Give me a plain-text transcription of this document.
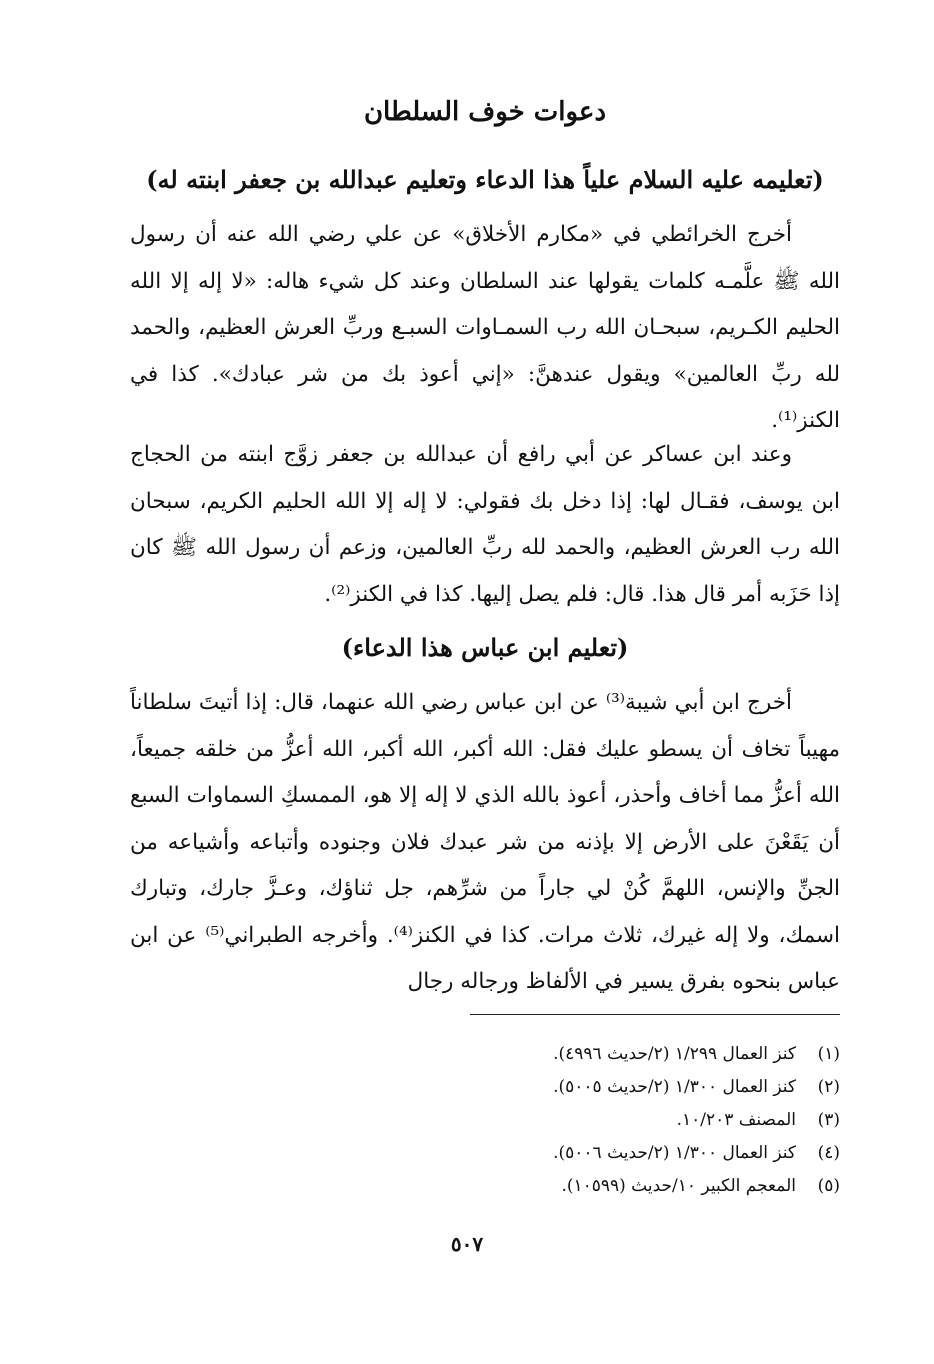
دعوات خوف السلطان
(تعليمه عليه السلام علياً هذا الدعاء وتعليم عبدالله بن جعفر ابنته له)

أخرج الخرائطي في «مكارم الأخلاق» عن علي رضي الله عنه أن رسول الله ﷺ علَّمـه كلمات يقولها عند السلطان وعند كل شيء هاله: «لا إله إلا الله الحليم الكـريم، سبحـان الله رب السمـاوات السبـع وربِّ العرش العظيم، والحمد لله ربِّ العالمين» ويقول عندهنَّ: «إني أعوذ بك من شر عبادك». كذا في الكنز⁽¹⁾.

وعند ابن عساكر عن أبي رافع أن عبدالله بن جعفر زوَّج ابنته من الحجاج ابن يوسف، فقـال لها: إذا دخل بك فقولي: لا إله إلا الله الحليم الكريم، سبحان الله رب العرش العظيم، والحمد لله ربِّ العالمين، وزعم أن رسول الله ﷺ كان إذا حَزَبه أمر قال هذا. قال: فلم يصل إليها. كذا في الكنز⁽²⁾.

(تعليم ابن عباس هذا الدعاء)

أخرج ابن أبي شيبة⁽³⁾ عن ابن عباس رضي الله عنهما، قال: إذا أتيتَ سلطاناً مهيباً تخاف أن يسطو عليك فقل: الله أكبر، الله أكبر، الله أعزُّ من خلقه جميعاً، الله أعزُّ مما أخاف وأحذر، أعوذ بالله الذي لا إله إلا هو، الممسكِ السماوات السبع أن يَقَعْنَ على الأرض إلا بإذنه من شر عبدك فلان وجنوده وأتباعه وأشياعه من الجنِّ والإنس، اللهمَّ كُنْ لي جاراً من شرِّهم، جل ثناؤك، وعـزَّ جارك، وتبارك اسمك، ولا إله غيرك، ثلاث مرات. كذا في الكنز⁽⁴⁾. وأخرجه الطبراني⁽⁵⁾ عن ابن عباس بنحوه بفرق يسير في الألفاظ ورجاله رجال

(١)كنز العمال ١/٢٩٩ (٢/حديث ٤٩٩٦).
(٢)كنز العمال ١/٣٠٠ (٢/حديث ٥٠٠٥).
(٣)المصنف ١٠/٢٠٣.
(٤)كنز العمال ١/٣٠٠ (٢/حديث ٥٠٠٦).
(٥)المعجم الكبير ١٠/حديث (١٠٥٩٩).
٥٠٧
